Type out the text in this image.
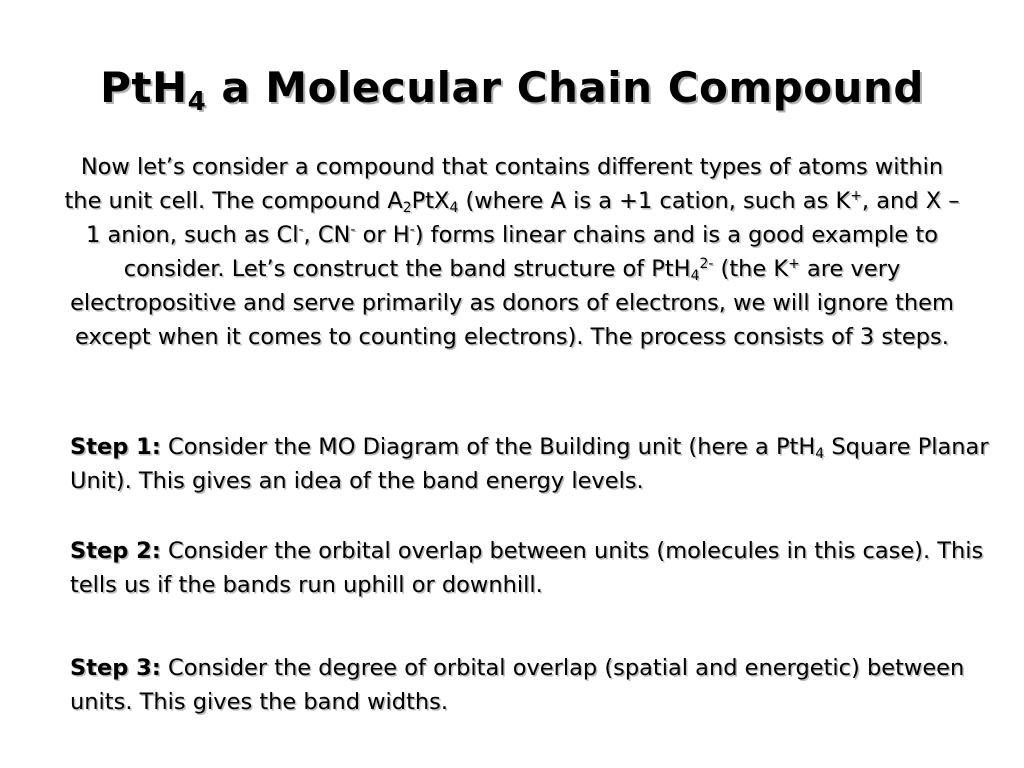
PtH$_4$ a Molecular Chain Compound
Now let’s consider a compound that contains different types of atoms within the unit cell. The compound $A_2PtX_4$ (where A is a +1 cation, such as K+, and X –1 anion, such as Cl-, CN- or H-) forms linear chains and is a good example to consider. Let’s construct the band structure of PtH$_4^{2-}$ (the K+ are very electropositive and serve primarily as donors of electrons, we will ignore them except when it comes to counting electrons). The process consists of 3 steps.
Step 1: Consider the MO Diagram of the Building unit (here a PtH$_4$ Square Planar Unit). This gives an idea of the band energy levels.
Step 2: Consider the orbital overlap between units (molecules in this case). This tells us if the bands run uphill or downhill.
Step 3: Consider the degree of orbital overlap (spatial and energetic) between units. This gives the band widths.
